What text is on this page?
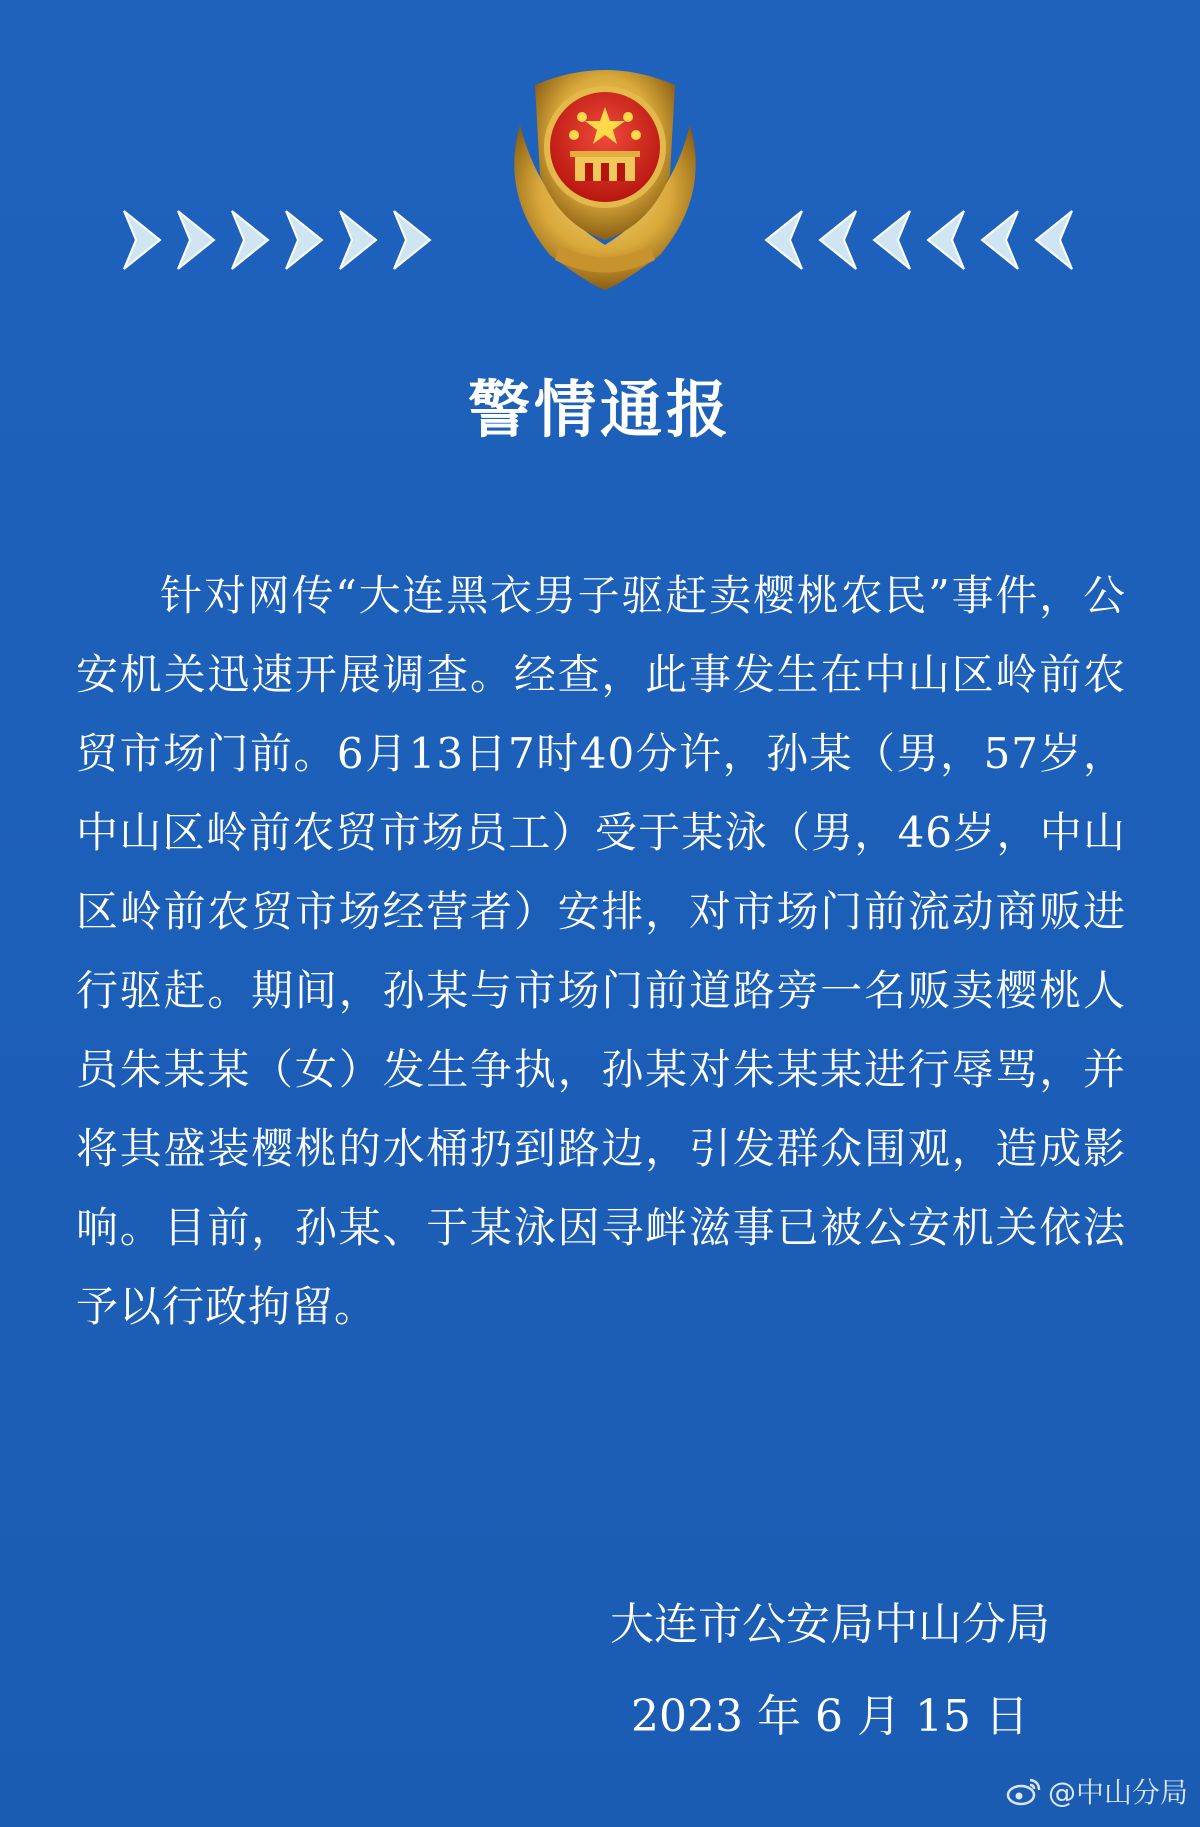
警情通报

针对网传“大连黑衣男子驱赶卖樱桃农民”事件，公安机关迅速开展调查。经查，此事发生在中山区岭前农贸市场门前。6月13日7时40分许，孙某（男，57岁，中山区岭前农贸市场员工）受于某泳（男，46岁，中山区岭前农贸市场经营者）安排，对市场门前流动商贩进行驱赶。期间，孙某与市场门前道路旁一名贩卖樱桃人员朱某某（女）发生争执，孙某对朱某某进行辱骂，并将其盛装樱桃的水桶扔到路边，引发群众围观，造成影响。目前，孙某、于某泳因寻衅滋事已被公安机关依法予以行政拘留。

大连市公安局中山分局
2023 年 6 月 15 日
@中山分局
